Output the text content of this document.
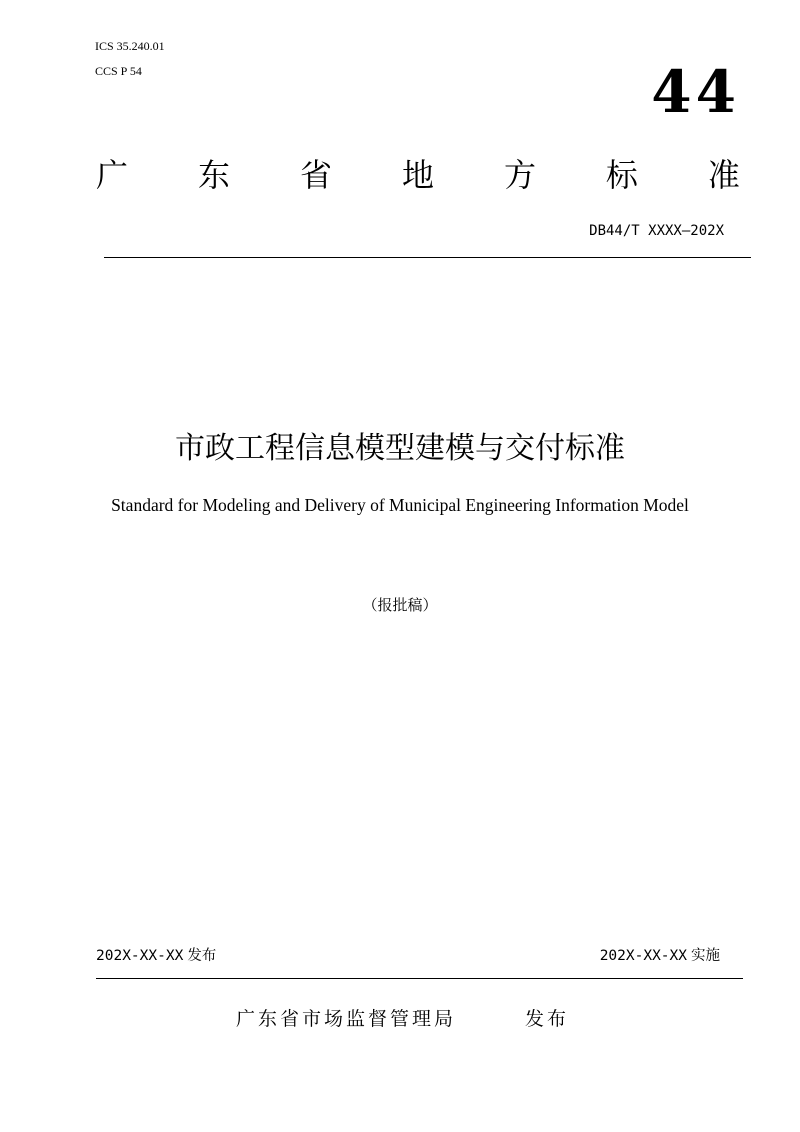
ICS 35.240.01
CCS P 54	44
广 东 省 地 方 标 准
DB44/T XXXX—202X
市政工程信息模型建模与交付标准
Standard for Modeling and Delivery of Municipal Engineering Information Model
（报批稿）
202X-XX-XX 发布	202X-XX-XX 实施
广东省市场监督管理局	发布
